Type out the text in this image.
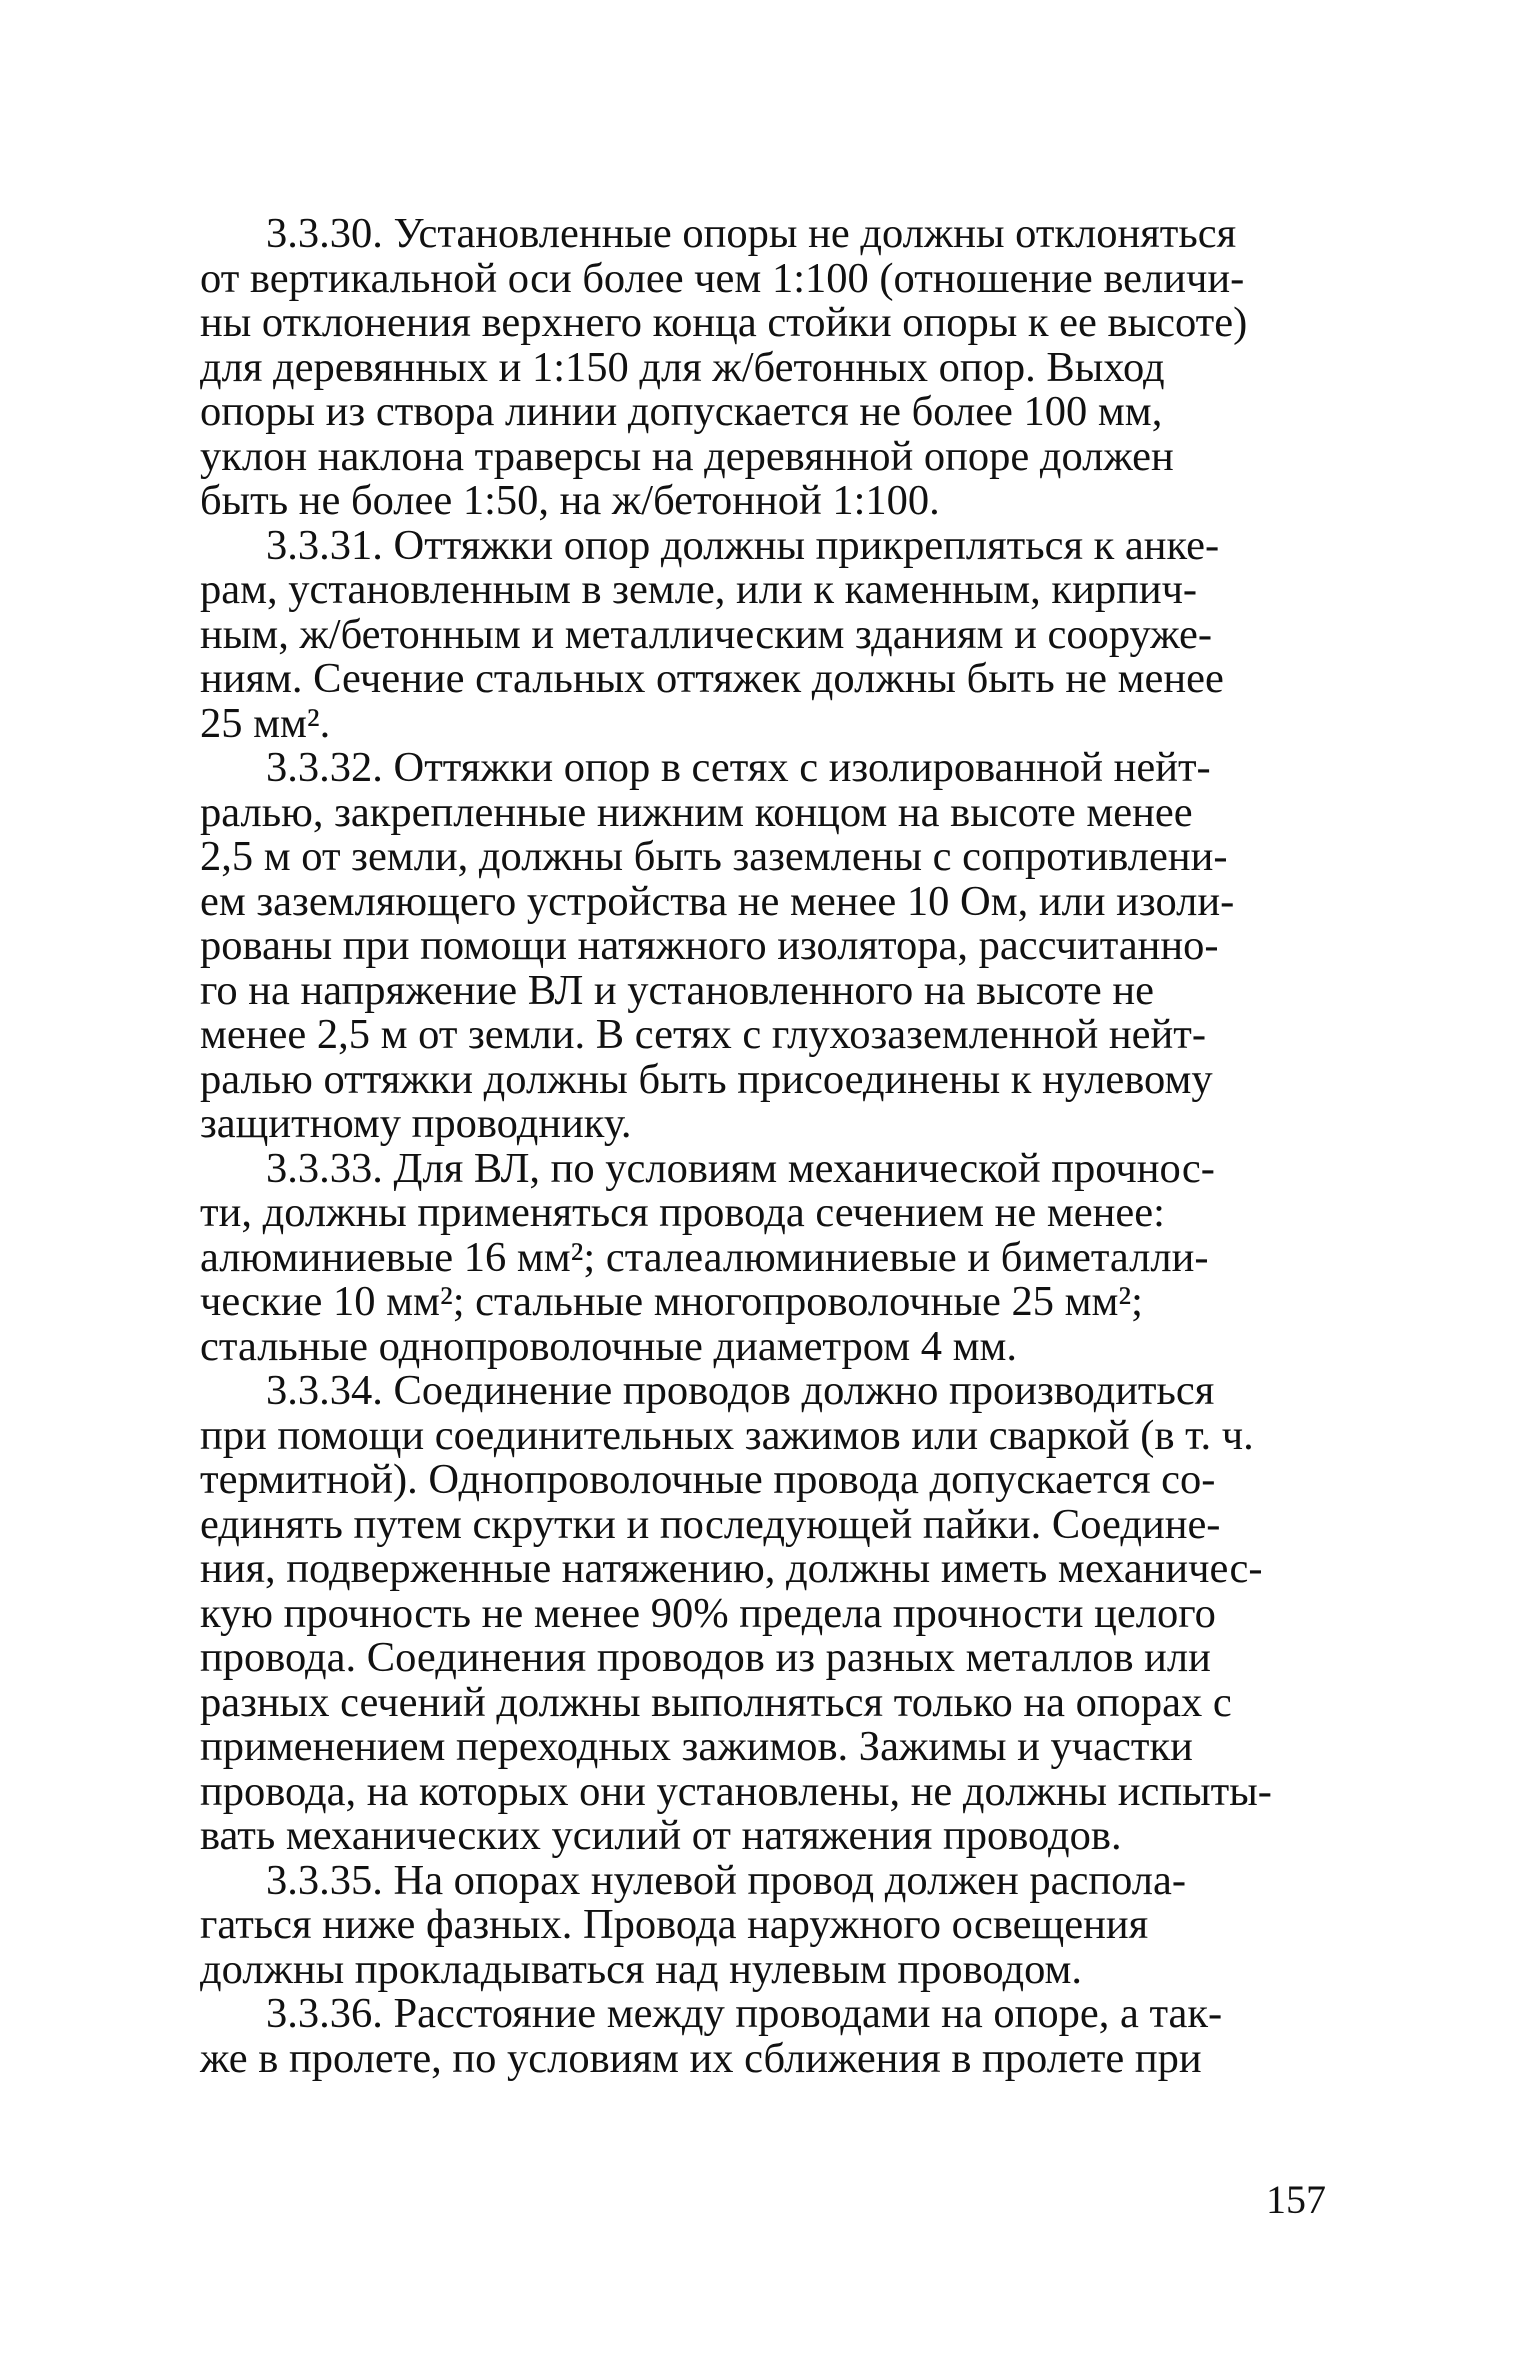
3.3.30. Установленные опоры не должны отклоняться
от вертикальной оси более чем 1:100 (отношение величи-
ны отклонения верхнего конца стойки опоры к ее высоте)
для деревянных и 1:150 для ж/бетонных опор. Выход
опоры из створа линии допускается не более 100 мм,
уклон наклона траверсы на деревянной опоре должен
быть не более 1:50, на ж/бетонной 1:100.

3.3.31. Оттяжки опор должны прикрепляться к анке-
рам, установленным в земле, или к каменным, кирпич-
ным, ж/бетонным и металлическим зданиям и сооруже-
ниям. Сечение стальных оттяжек должны быть не менее
25 мм².

3.3.32. Оттяжки опор в сетях с изолированной нейт-
ралью, закрепленные нижним концом на высоте менее
2,5 м от земли, должны быть заземлены с сопротивлени-
ем заземляющего устройства не менее 10 Ом, или изоли-
рованы при помощи натяжного изолятора, рассчитанно-
го на напряжение ВЛ и установленного на высоте не
менее 2,5 м от земли. В сетях с глухозаземленной нейт-
ралью оттяжки должны быть присоединены к нулевому
защитному проводнику.

3.3.33. Для ВЛ, по условиям механической прочнос-
ти, должны применяться провода сечением не менее:
алюминиевые 16 мм²; сталеалюминиевые и биметалли-
ческие 10 мм²; стальные многопроволочные 25 мм²;
стальные однопроволочные диаметром 4 мм.

3.3.34. Соединение проводов должно производиться
при помощи соединительных зажимов или сваркой (в т. ч.
термитной). Однопроволочные провода допускается со-
единять путем скрутки и последующей пайки. Соедине-
ния, подверженные натяжению, должны иметь механичес-
кую прочность не менее 90% предела прочности целого
провода. Соединения проводов из разных металлов или
разных сечений должны выполняться только на опорах с
применением переходных зажимов. Зажимы и участки
провода, на которых они установлены, не должны испыты-
вать механических усилий от натяжения проводов.

3.3.35. На опорах нулевой провод должен распола-
гаться ниже фазных. Провода наружного освещения
должны прокладываться над нулевым проводом.

3.3.36. Расстояние между проводами на опоре, а так-
же в пролете, по условиям их сближения в пролете при

157
